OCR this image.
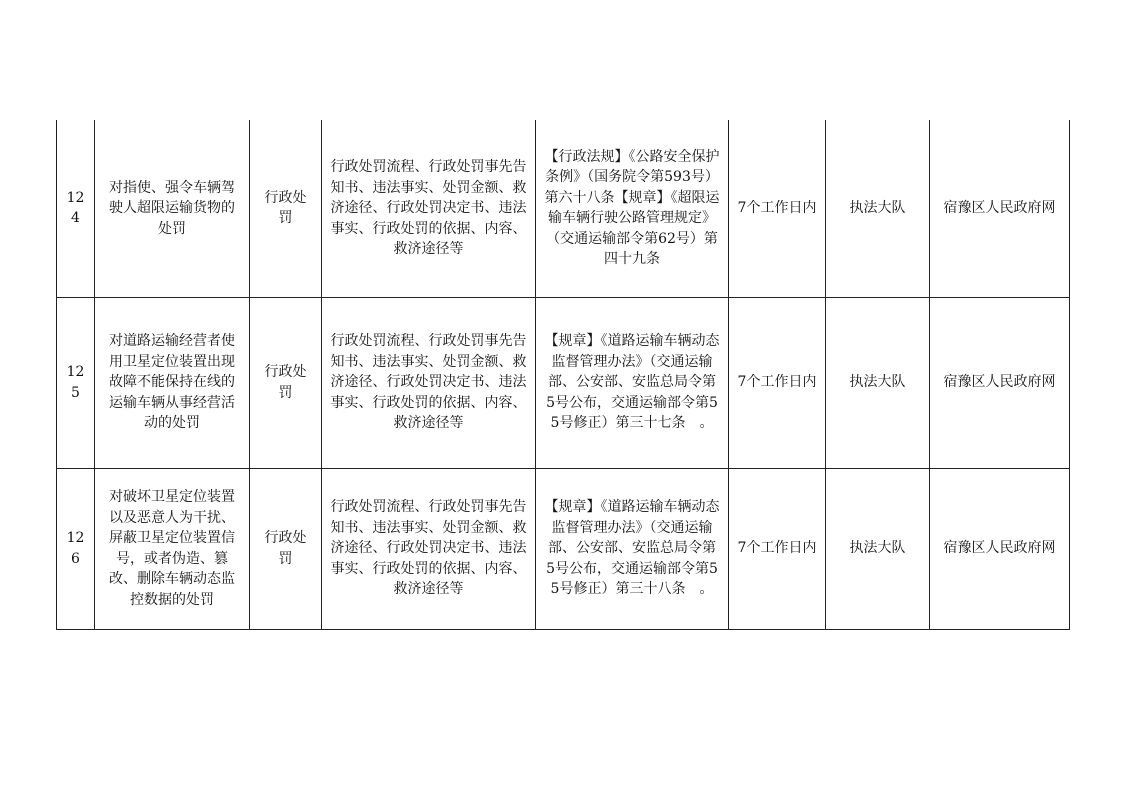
124	对指使、强令车辆驾驶人超限运输货物的处罚	行政处罚	行政处罚流程、行政处罚事先告知书、违法事实、处罚金额、救济途径、行政处罚决定书、违法事实、行政处罚的依据、内容、救济途径等	【行政法规】《公路安全保护条例》（国务院令第593号）第六十八条【规章】《超限运输车辆行驶公路管理规定》（交通运输部令第62号）第四十九条	7个工作日内	执法大队	宿豫区人民政府网
125	对道路运输经营者使用卫星定位装置出现故障不能保持在线的运输车辆从事经营活动的处罚	行政处罚	行政处罚流程、行政处罚事先告知书、违法事实、处罚金额、救济途径、行政处罚决定书、违法事实、行政处罚的依据、内容、救济途径等	【规章】《道路运输车辆动态监督管理办法》（交通运输部、公安部、安监总局令第5号公布，交通运输部令第55号修正）第三十七条　。	7个工作日内	执法大队	宿豫区人民政府网
126	对破坏卫星定位装置以及恶意人为干扰、屏蔽卫星定位装置信号，或者伪造、篡改、删除车辆动态监控数据的处罚	行政处罚	行政处罚流程、行政处罚事先告知书、违法事实、处罚金额、救济途径、行政处罚决定书、违法事实、行政处罚的依据、内容、救济途径等	【规章】《道路运输车辆动态监督管理办法》（交通运输部、公安部、安监总局令第5号公布，交通运输部令第55号修正）第三十八条　。	7个工作日内	执法大队	宿豫区人民政府网
